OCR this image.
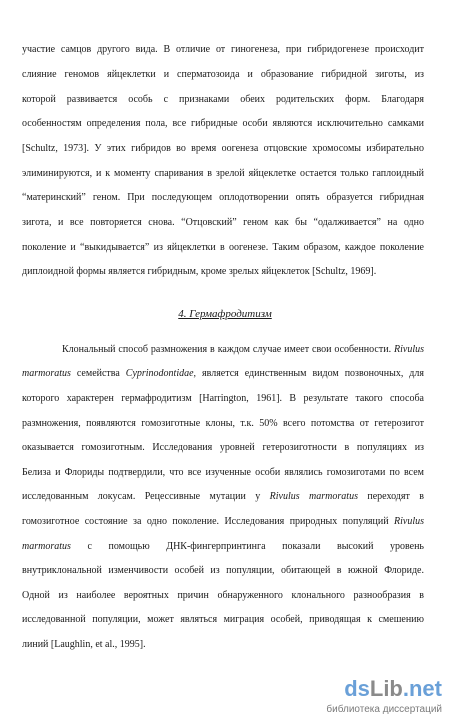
участие самцов другого вида. В отличие от гиногенеза, при гибридогенезе происходит
слияние геномов яйцеклетки и сперматозоида и образование гибридной зиготы, из
которой развивается особь с признаками обеих родительских форм. Благодаря
особенностям определения пола, все гибридные особи являются исключительно самками
[Schultz, 1973]. У этих гибридов во время оогенеза отцовские хромосомы избирательно
элиминируются, и к моменту спаривания в зрелой яйцеклетке остается только гаплоидный
“материнский” геном. При последующем оплодотворении опять образуется гибридная
зигота, и все повторяется снова. “Отцовский” геном как бы “одалживается” на одно
поколение и “выкидывается” из яйцеклетки в оогенезе. Таким образом, каждое поколение
диплоидной формы является гибридным, кроме зрелых яйцеклеток [Schultz, 1969].
4. Гермафродитизм
Клональный способ размножения в каждом случае имеет свои особенности. Rivulus
marmoratus семейства Cyprinodontidae, является единственным видом позвоночных, для
которого характерен гермафродитизм [Harrington, 1961]. В результате такого способа
размножения, появляются гомозиготные клоны, т.к. 50% всего потомства от гетерозигот
оказывается гомозиготным. Исследования уровней гетерозиготности в популяциях из
Белиза и Флориды подтвердили, что все изученные особи являлись гомозиготами по всем
исследованным локусам. Рецессивные мутации у Rivulus marmoratus переходят в
гомозиготное состояние за одно поколение. Исследования природных популяций Rivulus
marmoratus с помощью ДНК-фингерпринтинга показали высокий уровень
внутриклональной изменчивости особей из популяции, обитающей в южной Флориде.
Одной из наиболее вероятных причин обнаруженного клонального разнообразия в
исследованной популяции, может являться миграция особей, приводящая к смешению
линий [Laughlin, et al., 1995].
dsLib.net
библиотека диссертаций
